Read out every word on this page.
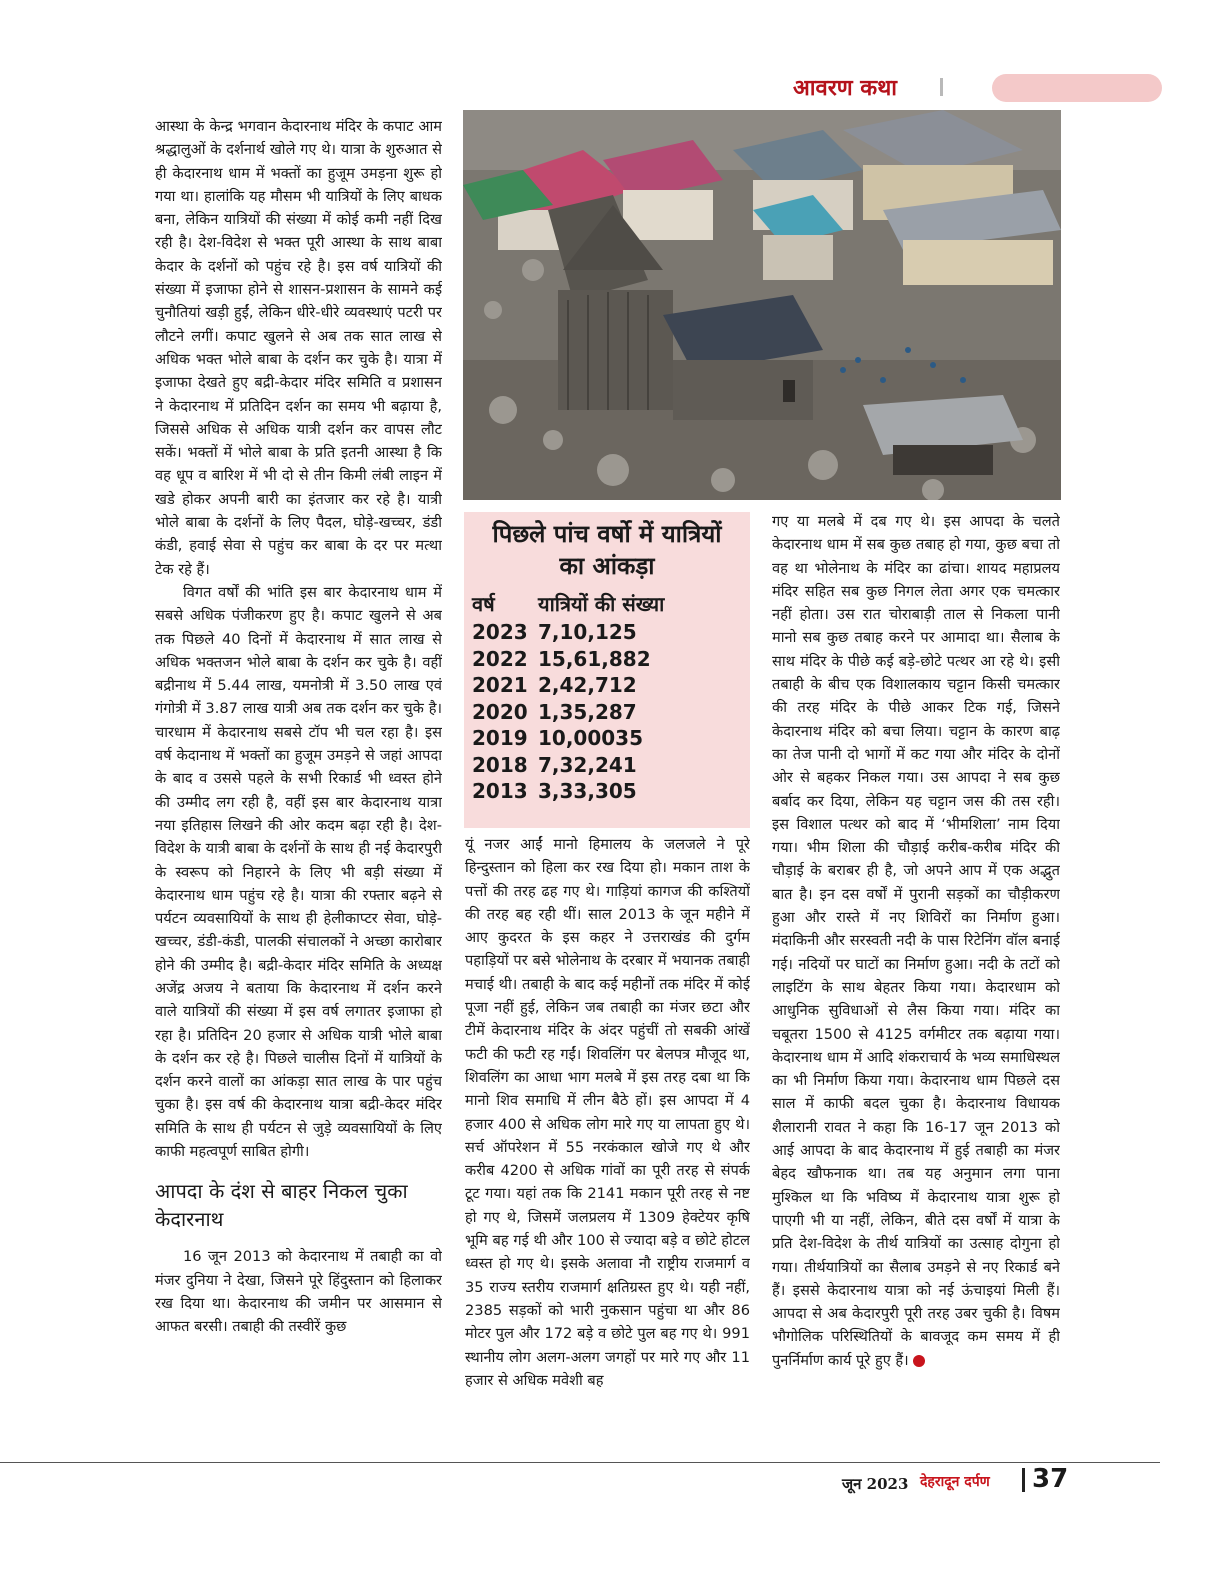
आवरण कथा

आस्था के केन्द्र भगवान केदारनाथ मंदिर के कपाट आम श्रद्धालुओं के दर्शनार्थ खोले गए थे। यात्रा के शुरुआत से ही केदारनाथ धाम में भक्तों का हुजूम उमड़ना शुरू हो गया था। हालांकि यह मौसम भी यात्रियों के लिए बाधक बना, लेकिन यात्रियों की संख्या में कोई कमी नहीं दिख रही है। देश-विदेश से भक्त पूरी आस्था के साथ बाबा केदार के दर्शनों को पहुंच रहे है। इस वर्ष यात्रियों की संख्या में इजाफा होने से शासन-प्रशासन के सामने कई चुनौतियां खड़ी हुईं, लेकिन धीरे-धीरे व्यवस्थाएं पटरी पर लौटने लगीं। कपाट खुलने से अब तक सात लाख से अधिक भक्त भोले बाबा के दर्शन कर चुके है। यात्रा में इजाफा देखते हुए बद्री-केदार मंदिर समिति व प्रशासन ने केदारनाथ में प्रतिदिन दर्शन का समय भी बढ़ाया है, जिससे अधिक से अधिक यात्री दर्शन कर वापस लौट सकें। भक्तों में भोले बाबा के प्रति इतनी आस्था है कि वह धूप व बारिश में भी दो से तीन किमी लंबी लाइन में खडे होकर अपनी बारी का इंतजार कर रहे है। यात्री भोले बाबा के दर्शनों के लिए पैदल, घोड़े-खच्चर, डंडी कंडी, हवाई सेवा से पहुंच कर बाबा के दर पर मत्था टेक रहे हैं।

विगत वर्षों की भांति इस बार केदारनाथ धाम में सबसे अधिक पंजीकरण हुए है। कपाट खुलने से अब तक पिछले 40 दिनों में केदारनाथ में सात लाख से अधिक भक्तजन भोले बाबा के दर्शन कर चुके है। वहीं बद्रीनाथ में 5.44 लाख, यमनोत्री में 3.50 लाख एवं गंगोत्री में 3.87 लाख यात्री अब तक दर्शन कर चुके है। चारधाम में केदारनाथ सबसे टॉप भी चल रहा है। इस वर्ष केदानाथ में भक्तों का हुजूम उमड़ने से जहां आपदा के बाद व उससे पहले के सभी रिकार्ड भी ध्वस्त होने की उम्मीद लग रही है, वहीं इस बार केदारनाथ यात्रा नया इतिहास लिखने की ओर कदम बढ़ा रही है। देश-विदेश के यात्री बाबा के दर्शनों के साथ ही नई केदारपुरी के स्वरूप को निहारने के लिए भी बड़ी संख्या में केदारनाथ धाम पहुंच रहे है। यात्रा की रफ्तार बढ़ने से पर्यटन व्यवसायियों के साथ ही हेलीकाप्टर सेवा, घोड़े-खच्चर, डंडी-कंडी, पालकी संचालकों ने अच्छा कारोबार होने की उम्मीद है। बद्री-केदार मंदिर समिति के अध्यक्ष अजेंद्र अजय ने बताया कि केदारनाथ में दर्शन करने वाले यात्रियों की संख्या में इस वर्ष लगातर इजाफा हो रहा है। प्रतिदिन 20 हजार से अधिक यात्री भोले बाबा के दर्शन कर रहे है। पिछले चालीस दिनों में यात्रियों के दर्शन करने वालों का आंकड़ा सात लाख के पार पहुंच चुका है। इस वर्ष की केदारनाथ यात्रा बद्री-केदर मंदिर समिति के साथ ही पर्यटन से जुड़े व्यवसायियों के लिए काफी महत्वपूर्ण साबित होगी।

आपदा के दंश से बाहर निकल चुका केदारनाथ

16 जून 2013 को केदारनाथ में तबाही का वो मंजर दुनिया ने देखा, जिसने पूरे हिंदुस्तान को हिलाकर रख दिया था। केदारनाथ की जमीन पर आसमान से आफत बरसी। तबाही की तस्वीरें कुछ

पिछले पांच वर्षो में यात्रियों का आंकड़ा
वर्ष	यात्रियों की संख्या
2023	7,10,125
2022	15,61,882
2021	2,42,712
2020	1,35,287
2019	10,00035
2018	7,32,241
2013	3,33,305

यूं नजर आईं मानो हिमालय के जलजले ने पूरे हिन्दुस्तान को हिला कर रख दिया हो। मकान ताश के पत्तों की तरह ढह गए थे। गाड़ियां कागज की कश्तियों की तरह बह रही थीं। साल 2013 के जून महीने में आए कुदरत के इस कहर ने उत्तराखंड की दुर्गम पहाड़ियों पर बसे भोलेनाथ के दरबार में भयानक तबाही मचाई थी। तबाही के बाद कई महीनों तक मंदिर में कोई पूजा नहीं हुई, लेकिन जब तबाही का मंजर छटा और टीमें केदारनाथ मंदिर के अंदर पहुंचीं तो सबकी आंखें फटी की फटी रह गईं। शिवलिंग पर बेलपत्र मौजूद था, शिवलिंग का आधा भाग मलबे में इस तरह दबा था कि मानो शिव समाधि में लीन बैठे हों। इस आपदा में 4 हजार 400 से अधिक लोग मारे गए या लापता हुए थे। सर्च ऑपरेशन में 55 नरकंकाल खोजे गए थे और करीब 4200 से अधिक गांवों का पूरी तरह से संपर्क टूट गया। यहां तक कि 2141 मकान पूरी तरह से नष्ट हो गए थे, जिसमें जलप्रलय में 1309 हेक्टेयर कृषि भूमि बह गई थी और 100 से ज्यादा बड़े व छोटे होटल ध्वस्त हो गए थे। इसके अलावा नौ राष्ट्रीय राजमार्ग व 35 राज्य स्तरीय राजमार्ग क्षतिग्रस्त हुए थे। यही नहीं, 2385 सड़कों को भारी नुकसान पहुंचा था और 86 मोटर पुल और 172 बड़े व छोटे पुल बह गए थे। 991 स्थानीय लोग अलग-अलग जगहों पर मारे गए और 11 हजार से अधिक मवेशी बह

गए या मलबे में दब गए थे। इस आपदा के चलते केदारनाथ धाम में सब कुछ तबाह हो गया, कुछ बचा तो वह था भोलेनाथ के मंदिर का ढांचा। शायद महाप्रलय मंदिर सहित सब कुछ निगल लेता अगर एक चमत्कार नहीं होता। उस रात चोराबाड़ी ताल से निकला पानी मानो सब कुछ तबाह करने पर आमादा था। सैलाब के साथ मंदिर के पीछे कई बड़े-छोटे पत्थर आ रहे थे। इसी तबाही के बीच एक विशालकाय चट्टान किसी चमत्कार की तरह मंदिर के पीछे आकर टिक गई, जिसने केदारनाथ मंदिर को बचा लिया। चट्टान के कारण बाढ़ का तेज पानी दो भागों में कट गया और मंदिर के दोनों ओर से बहकर निकल गया। उस आपदा ने सब कुछ बर्बाद कर दिया, लेकिन यह चट्टान जस की तस रही। इस विशाल पत्थर को बाद में ‘भीमशिला’ नाम दिया गया। भीम शिला की चौड़ाई करीब-करीब मंदिर की चौड़ाई के बराबर ही है, जो अपने आप में एक अद्भुत बात है। इन दस वर्षों में पुरानी सड़कों का चौड़ीकरण हुआ और रास्ते में नए शिविरों का निर्माण हुआ। मंदाकिनी और सरस्वती नदी के पास रिटेनिंग वॉल बनाई गई। नदियों पर घाटों का निर्माण हुआ। नदी के तटों को लाइटिंग के साथ बेहतर किया गया। केदारधाम को आधुनिक सुविधाओं से लैस किया गया। मंदिर का चबूतरा 1500 से 4125 वर्गमीटर तक बढ़ाया गया। केदारनाथ धाम में आदि शंकराचार्य के भव्य समाधिस्थल का भी निर्माण किया गया। केदारनाथ धाम पिछले दस साल में काफी बदल चुका है। केदारनाथ विधायक शैलारानी रावत ने कहा कि 16-17 जून 2013 को आई आपदा के बाद केदारनाथ में हुई तबाही का मंजर बेहद खौफनाक था। तब यह अनुमान लगा पाना मुश्किल था कि भविष्य में केदारनाथ यात्रा शुरू हो पाएगी भी या नहीं, लेकिन, बीते दस वर्षों में यात्रा के प्रति देश-विदेश के तीर्थ यात्रियों का उत्साह दोगुना हो गया। तीर्थयात्रियों का सैलाब उमड़ने से नए रिकार्ड बने हैं। इससे केदारनाथ यात्रा को नई ऊंचाइयां मिली हैं। आपदा से अब केदारपुरी पूरी तरह उबर चुकी है। विषम भौगोलिक परिस्थितियों के बावजूद कम समय में ही पुनर्निर्माण कार्य पूरे हुए हैं।

जून 2023 देहरादून दर्पण 37
